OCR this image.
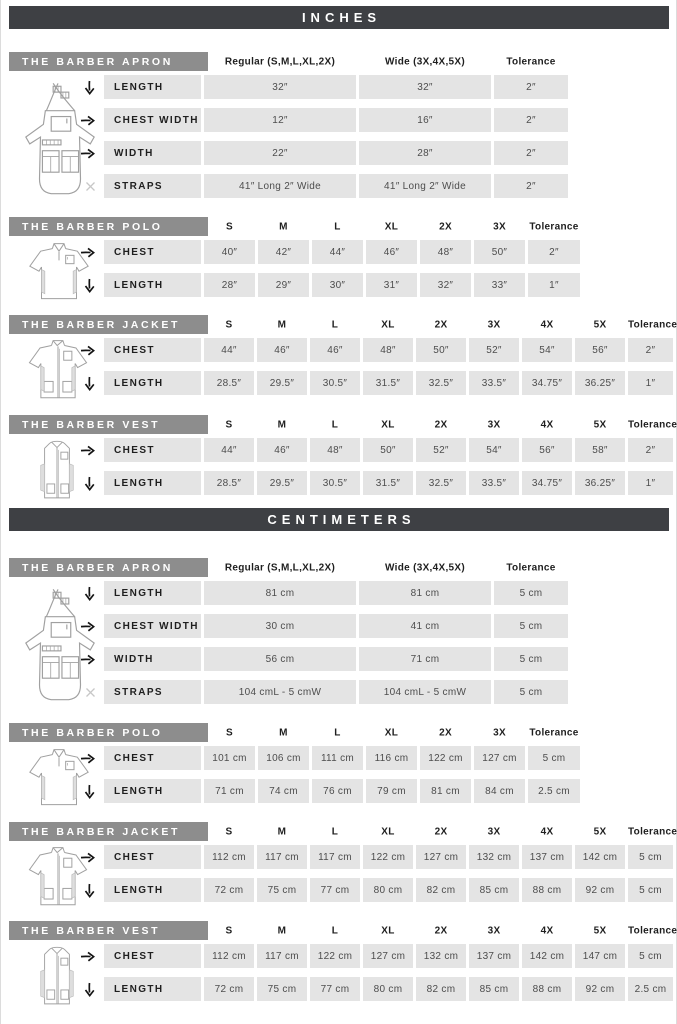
INCHES
THE BARBER APRON	Regular (S,M,L,XL,2X)	Wide (3X,4X,5X)	Tolerance
LENGTH	32″	32″	2″
CHEST WIDTH	12″	16″	2″
WIDTH	22″	28″	2″
STRAPS	41″ Long 2″ Wide	41″ Long 2″ Wide	2″
THE BARBER POLO	S	M	L	XL	2X	3X	Tolerance
CHEST	40″	42″	44″	46″	48″	50″	2″
LENGTH	28″	29″	30″	31″	32″	33″	1″
THE BARBER JACKET	S	M	L	XL	2X	3X	4X	5X	Tolerance
CHEST	44″	46″	46″	48″	50″	52″	54″	56″	2″
LENGTH	28.5″	29.5″	30.5″	31.5″	32.5″	33.5″	34.75″	36.25″	1″
THE BARBER VEST	S	M	L	XL	2X	3X	4X	5X	Tolerance
CHEST	44″	46″	48″	50″	52″	54″	56″	58″	2″
LENGTH	28.5″	29.5″	30.5″	31.5″	32.5″	33.5″	34.75″	36.25″	1″
CENTIMETERS
THE BARBER APRON	Regular (S,M,L,XL,2X)	Wide (3X,4X,5X)	Tolerance
LENGTH	81 cm	81 cm	5 cm
CHEST WIDTH	30 cm	41 cm	5 cm
WIDTH	56 cm	71 cm	5 cm
STRAPS	104 cmL - 5 cmW	104 cmL - 5 cmW	5 cm
THE BARBER POLO	S	M	L	XL	2X	3X	Tolerance
CHEST	101 cm	106 cm	111 cm	116 cm	122 cm	127 cm	5 cm
LENGTH	71 cm	74 cm	76 cm	79 cm	81 cm	84 cm	2.5 cm
THE BARBER JACKET	S	M	L	XL	2X	3X	4X	5X	Tolerance
CHEST	112 cm	117 cm	117 cm	122 cm	127 cm	132 cm	137 cm	142 cm	5 cm
LENGTH	72 cm	75 cm	77 cm	80 cm	82 cm	85 cm	88 cm	92 cm	5 cm
THE BARBER VEST	S	M	L	XL	2X	3X	4X	5X	Tolerance
CHEST	112 cm	117 cm	122 cm	127 cm	132 cm	137 cm	142 cm	147 cm	5 cm
LENGTH	72 cm	75 cm	77 cm	80 cm	82 cm	85 cm	88 cm	92 cm	2.5 cm
